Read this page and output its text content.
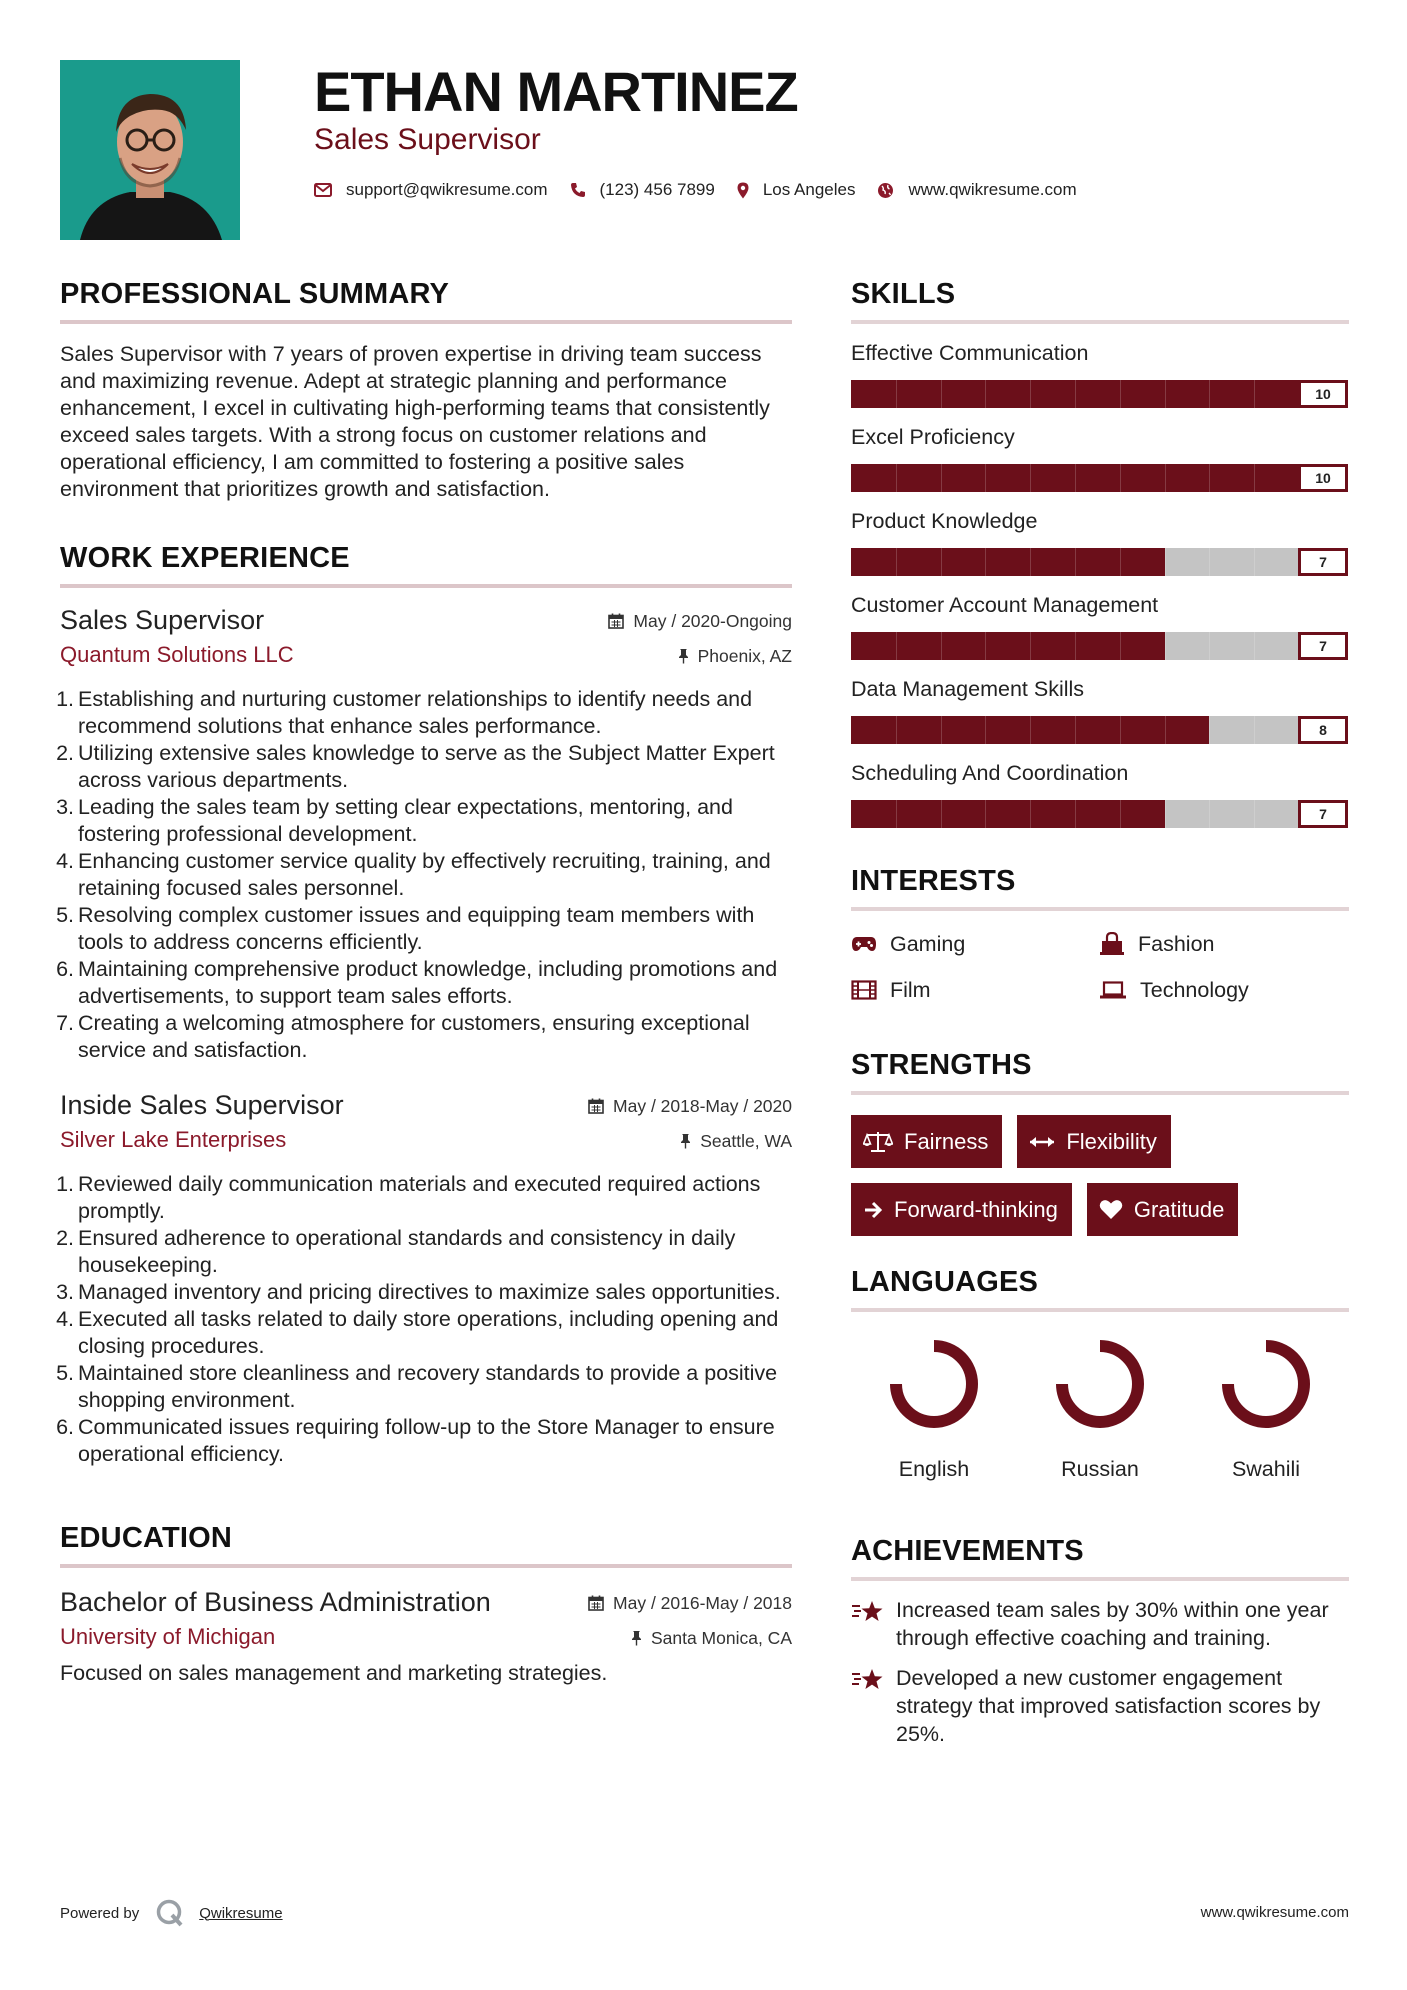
ETHAN MARTINEZ
Sales Supervisor
support@qwikresume.com	(123) 456 7899	Los Angeles	www.qwikresume.com
PROFESSIONAL SUMMARY

Sales Supervisor with 7 years of proven expertise in driving team success and maximizing revenue. Adept at strategic planning and performance enhancement, I excel in cultivating high-performing teams that consistently exceed sales targets. With a strong focus on customer relations and operational efficiency, I am committed to fostering a positive sales environment that prioritizes growth and satisfaction.

WORK EXPERIENCE
Sales Supervisor
Quantum Solutions LLC
May / 2020-Ongoing
Phoenix, AZ
1. Establishing and nurturing customer relationships to identify needs and recommend solutions that enhance sales performance.
2. Utilizing extensive sales knowledge to serve as the Subject Matter Expert across various departments.
3. Leading the sales team by setting clear expectations, mentoring, and fostering professional development.
4. Enhancing customer service quality by effectively recruiting, training, and retaining focused sales personnel.
5. Resolving complex customer issues and equipping team members with tools to address concerns efficiently.
6. Maintaining comprehensive product knowledge, including promotions and advertisements, to support team sales efforts.
7. Creating a welcoming atmosphere for customers, ensuring exceptional service and satisfaction.
Inside Sales Supervisor
Silver Lake Enterprises
May / 2018-May / 2020
Seattle, WA
1. Reviewed daily communication materials and executed required actions promptly.
2. Ensured adherence to operational standards and consistency in daily housekeeping.
3. Managed inventory and pricing directives to maximize sales opportunities.
4. Executed all tasks related to daily store operations, including opening and closing procedures.
5. Maintained store cleanliness and recovery standards to provide a positive shopping environment.
6. Communicated issues requiring follow-up to the Store Manager to ensure operational efficiency.
EDUCATION
Bachelor of Business Administration
University of Michigan
May / 2016-May / 2018
Santa Monica, CA

Focused on sales management and marketing strategies.

SKILLS
Effective Communication
10
Excel Proficiency
10
Product Knowledge
7
Customer Account Management
7
Data Management Skills
8
Scheduling And Coordination
7
INTERESTS
Gaming	Fashion
Film	Technology
STRENGTHS
Fairness	Flexibility
Forward-thinking	Gratitude
LANGUAGES
English	Russian	Swahili
ACHIEVEMENTS
Increased team sales by 30% within one year through effective coaching and training.
Developed a new customer engagement strategy that improved satisfaction scores by 25%.
Powered by	Qwikresume	www.qwikresume.com
